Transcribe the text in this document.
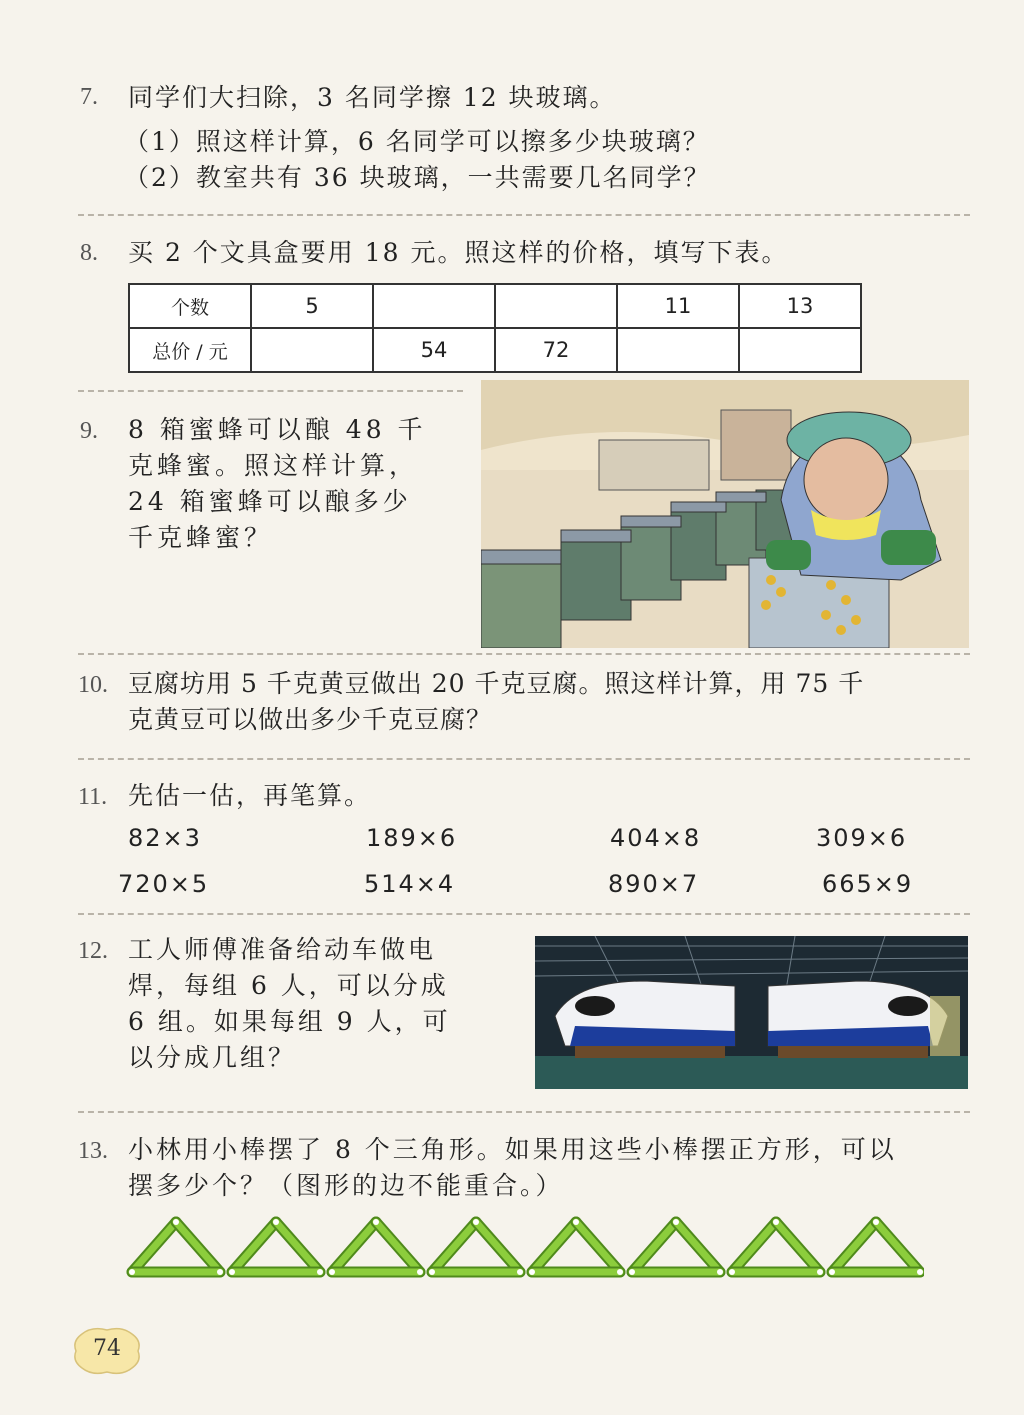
7. 同学们大扫除，3 名同学擦 12 块玻璃。
（1）照这样计算，6 名同学可以擦多少块玻璃？
（2）教室共有 36 块玻璃，一共需要几名同学？
8. 买 2 个文具盒要用 18 元。照这样的价格，填写下表。
个数	5			11	13
总价 / 元		54	72		
9. 8 箱蜜蜂可以酿 48 千
克蜂蜜。照这样计算，
24 箱蜜蜂可以酿多少
千克蜂蜜？
10. 豆腐坊用 5 千克黄豆做出 20 千克豆腐。照这样计算，用 75 千
克黄豆可以做出多少千克豆腐？
11. 先估一估，再笔算。
82×3	189×6	404×8	309×6
720×5	514×4	890×7	665×9
12. 工人师傅准备给动车做电
焊，每组 6 人，可以分成
6 组。如果每组 9 人，可
以分成几组？
13. 小林用小棒摆了 8 个三角形。如果用这些小棒摆正方形，可以
摆多少个？（图形的边不能重合。）
74
